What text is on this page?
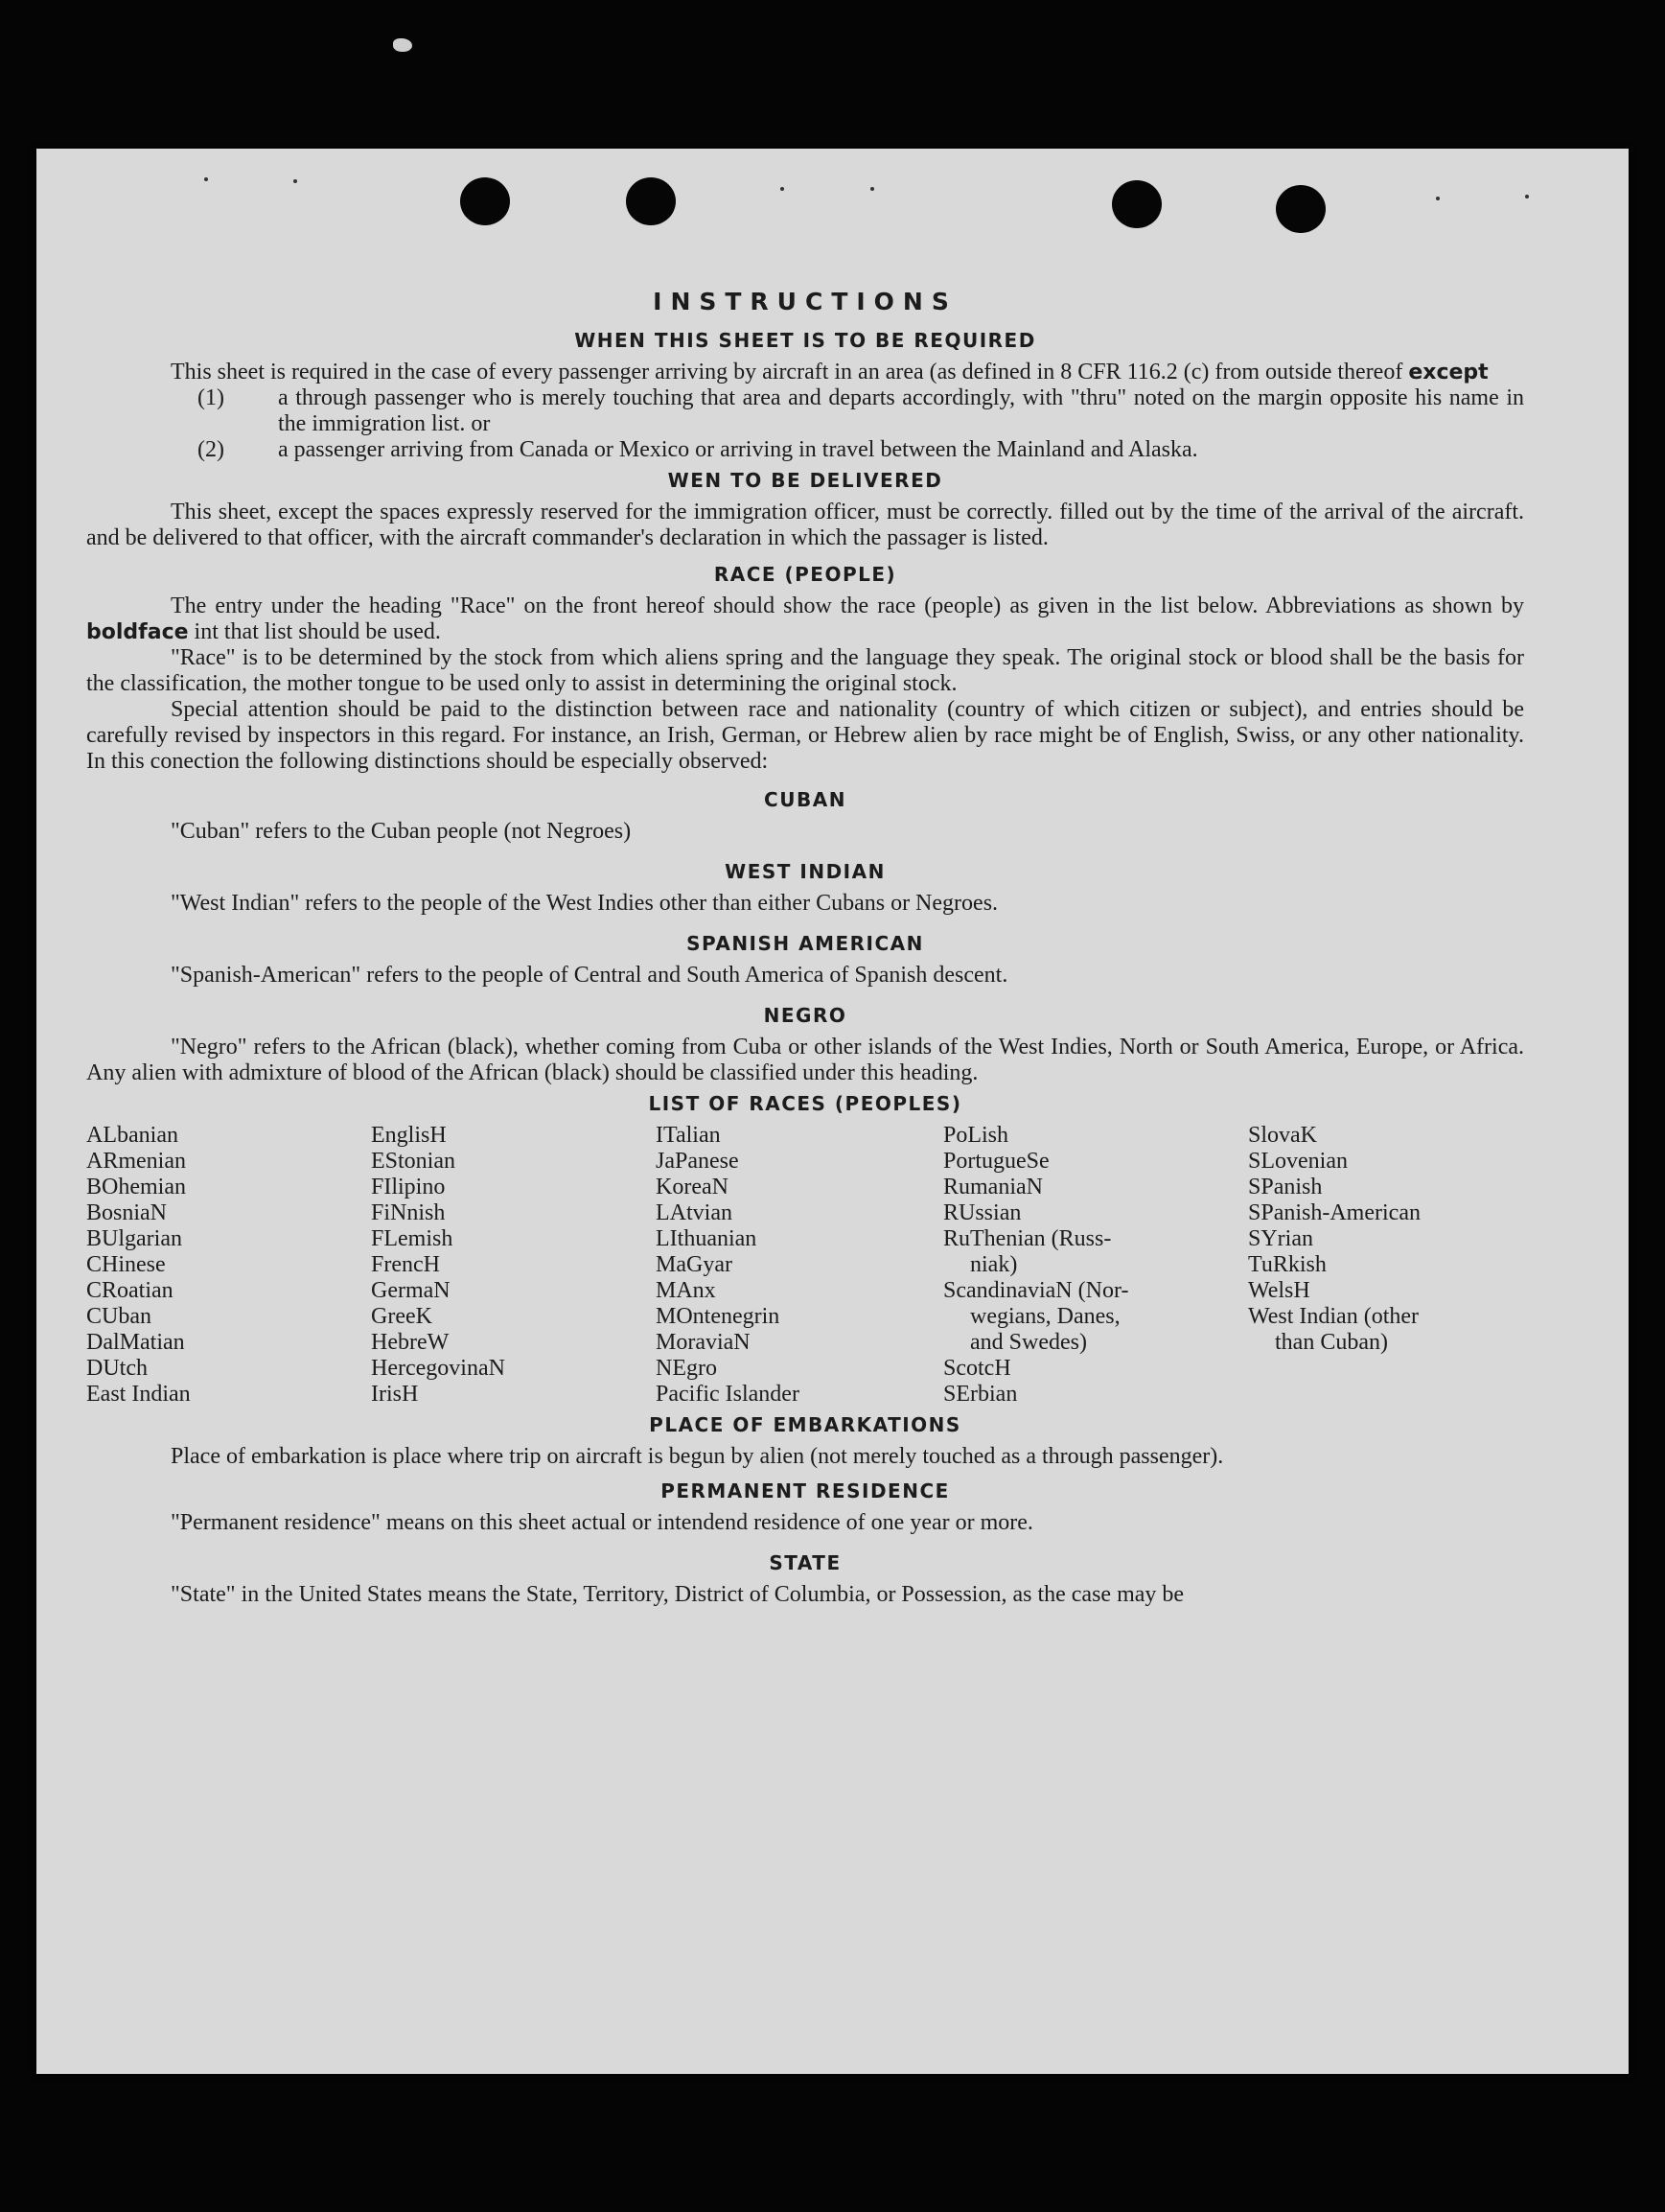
INSTRUCTIONS
WHEN THIS SHEET IS TO BE REQUIRED

This sheet is required in the case of every passenger arriving by aircraft in an area (as defined in 8 CFR 116.2 (c) from outside thereof except

(1) a through passenger who is merely touching that area and departs accordingly, with "thru" noted on the margin opposite his name in the immigration list. or
(2) a passenger arriving from Canada or Mexico or arriving in travel between the Mainland and Alaska.
WEN TO BE DELIVERED

This sheet, except the spaces expressly reserved for the immigration officer, must be correctly. filled out by the time of the arrival of the aircraft. and be delivered to that officer, with the aircraft commander's declaration in which the passager is listed.

RACE (PEOPLE)

The entry under the heading "Race" on the front hereof should show the race (people) as given in the list below. Abbreviations as shown by boldface int that list should be used.

"Race" is to be determined by the stock from which aliens spring and the language they speak. The original stock or blood shall be the basis for the classification, the mother tongue to be used only to assist in determining the original stock.

Special attention should be paid to the distinction between race and nationality (country of which citizen or subject), and entries should be carefully revised by inspectors in this regard. For instance, an Irish, German, or Hebrew alien by race might be of English, Swiss, or any other nationality. In this conection the following distinctions should be especially observed:

CUBAN

"Cuban" refers to the Cuban people (not Negroes)

WEST INDIAN

"West Indian" refers to the people of the West Indies other than either Cubans or Negroes.

SPANISH AMERICAN

"Spanish-American" refers to the people of Central and South America of Spanish descent.

NEGRO

"Negro" refers to the African (black), whether coming from Cuba or other islands of the West Indies, North or South America, Europe, or Africa. Any alien with admixture of blood of the African (black) should be classified under this heading.

LIST OF RACES (PEOPLES)
ALbanian
ARmenian
BOhemian
BosniaN
BUlgarian
CHinese
CRoatian
CUban
DalMatian
DUtch
East Indian
EnglisH
EStonian
FIlipino
FiNnish
FLemish
FrencH
GermaN
GreeK
HebreW
HercegovinaN
IrisH
ITalian
JaPanese
KoreaN
LAtvian
LIthuanian
MaGyar
MAnx
MOntenegrin
MoraviaN
NEgro
Pacific Islander
PoLish
PortugueSe
RumaniaN
RUssian
RuThenian (Russ-
niak)
ScandinaviaN (Nor-
wegians, Danes,
and Swedes)
ScotcH
SErbian
SlovaK
SLovenian
SPanish
SPanish-American
SYrian
TuRkish
WelsH
West Indian (other
than Cuban)
PLACE OF EMBARKATIONS

Place of embarkation is place where trip on aircraft is begun by alien (not merely touched as a through passenger).

PERMANENT RESIDENCE

"Permanent residence" means on this sheet actual or intendend residence of one year or more.

STATE

"State" in the United States means the State, Territory, District of Columbia, or Possession, as the case may be
